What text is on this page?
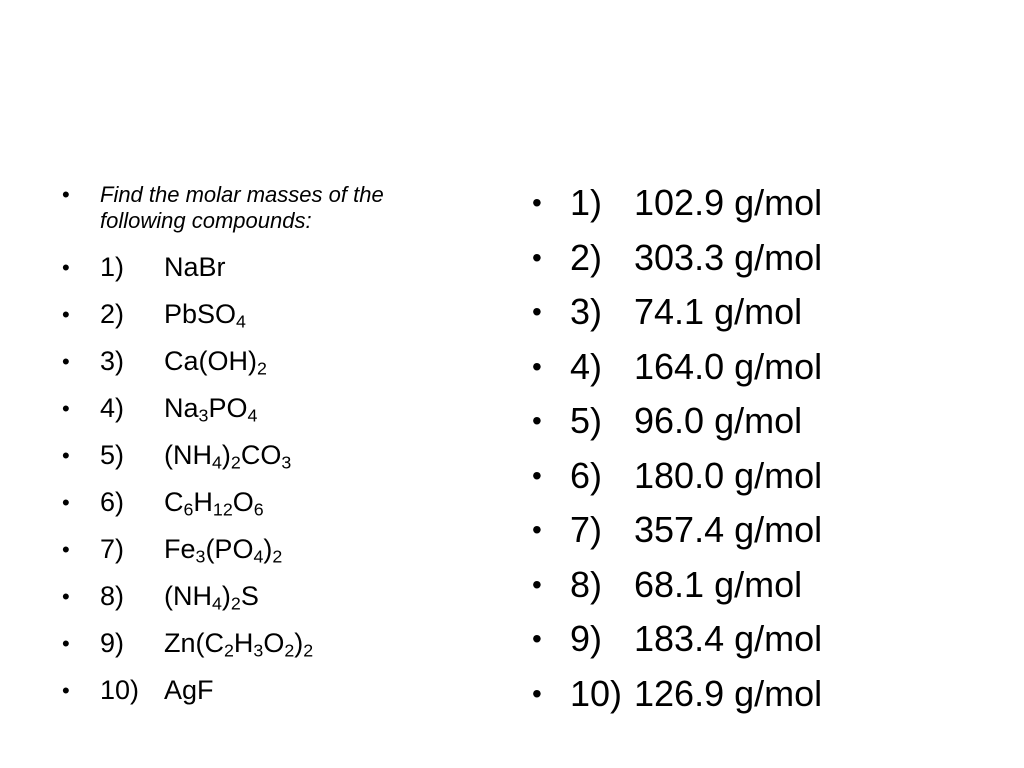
• Find the molar masses of the following compounds:
• 1)	NaBr
• 2)	PbSO$_4$
• 3)	$Ca(OH)_2$
• 4)	$Na_3PO_4$
• 5)	$(NH_4)_2CO_3$
• 6)	$C_6H_{12}O_6$
• 7)	$Fe_3(PO_4)_2$
• 8)	$(NH_4)_2S$
• 9)	$Zn(C_2H_3O_2)_2$
• 10) AgF
• 1) 102.9 g/mol
• 2) 303.3 g/mol
• 3) 74.1 g/mol
• 4) 164.0 g/mol
• 5) 96.0 g/mol
• 6) 180.0 g/mol
• 7) 357.4 g/mol
• 8) 68.1 g/mol
• 9) 183.4 g/mol
• 10) 126.9 g/mol
